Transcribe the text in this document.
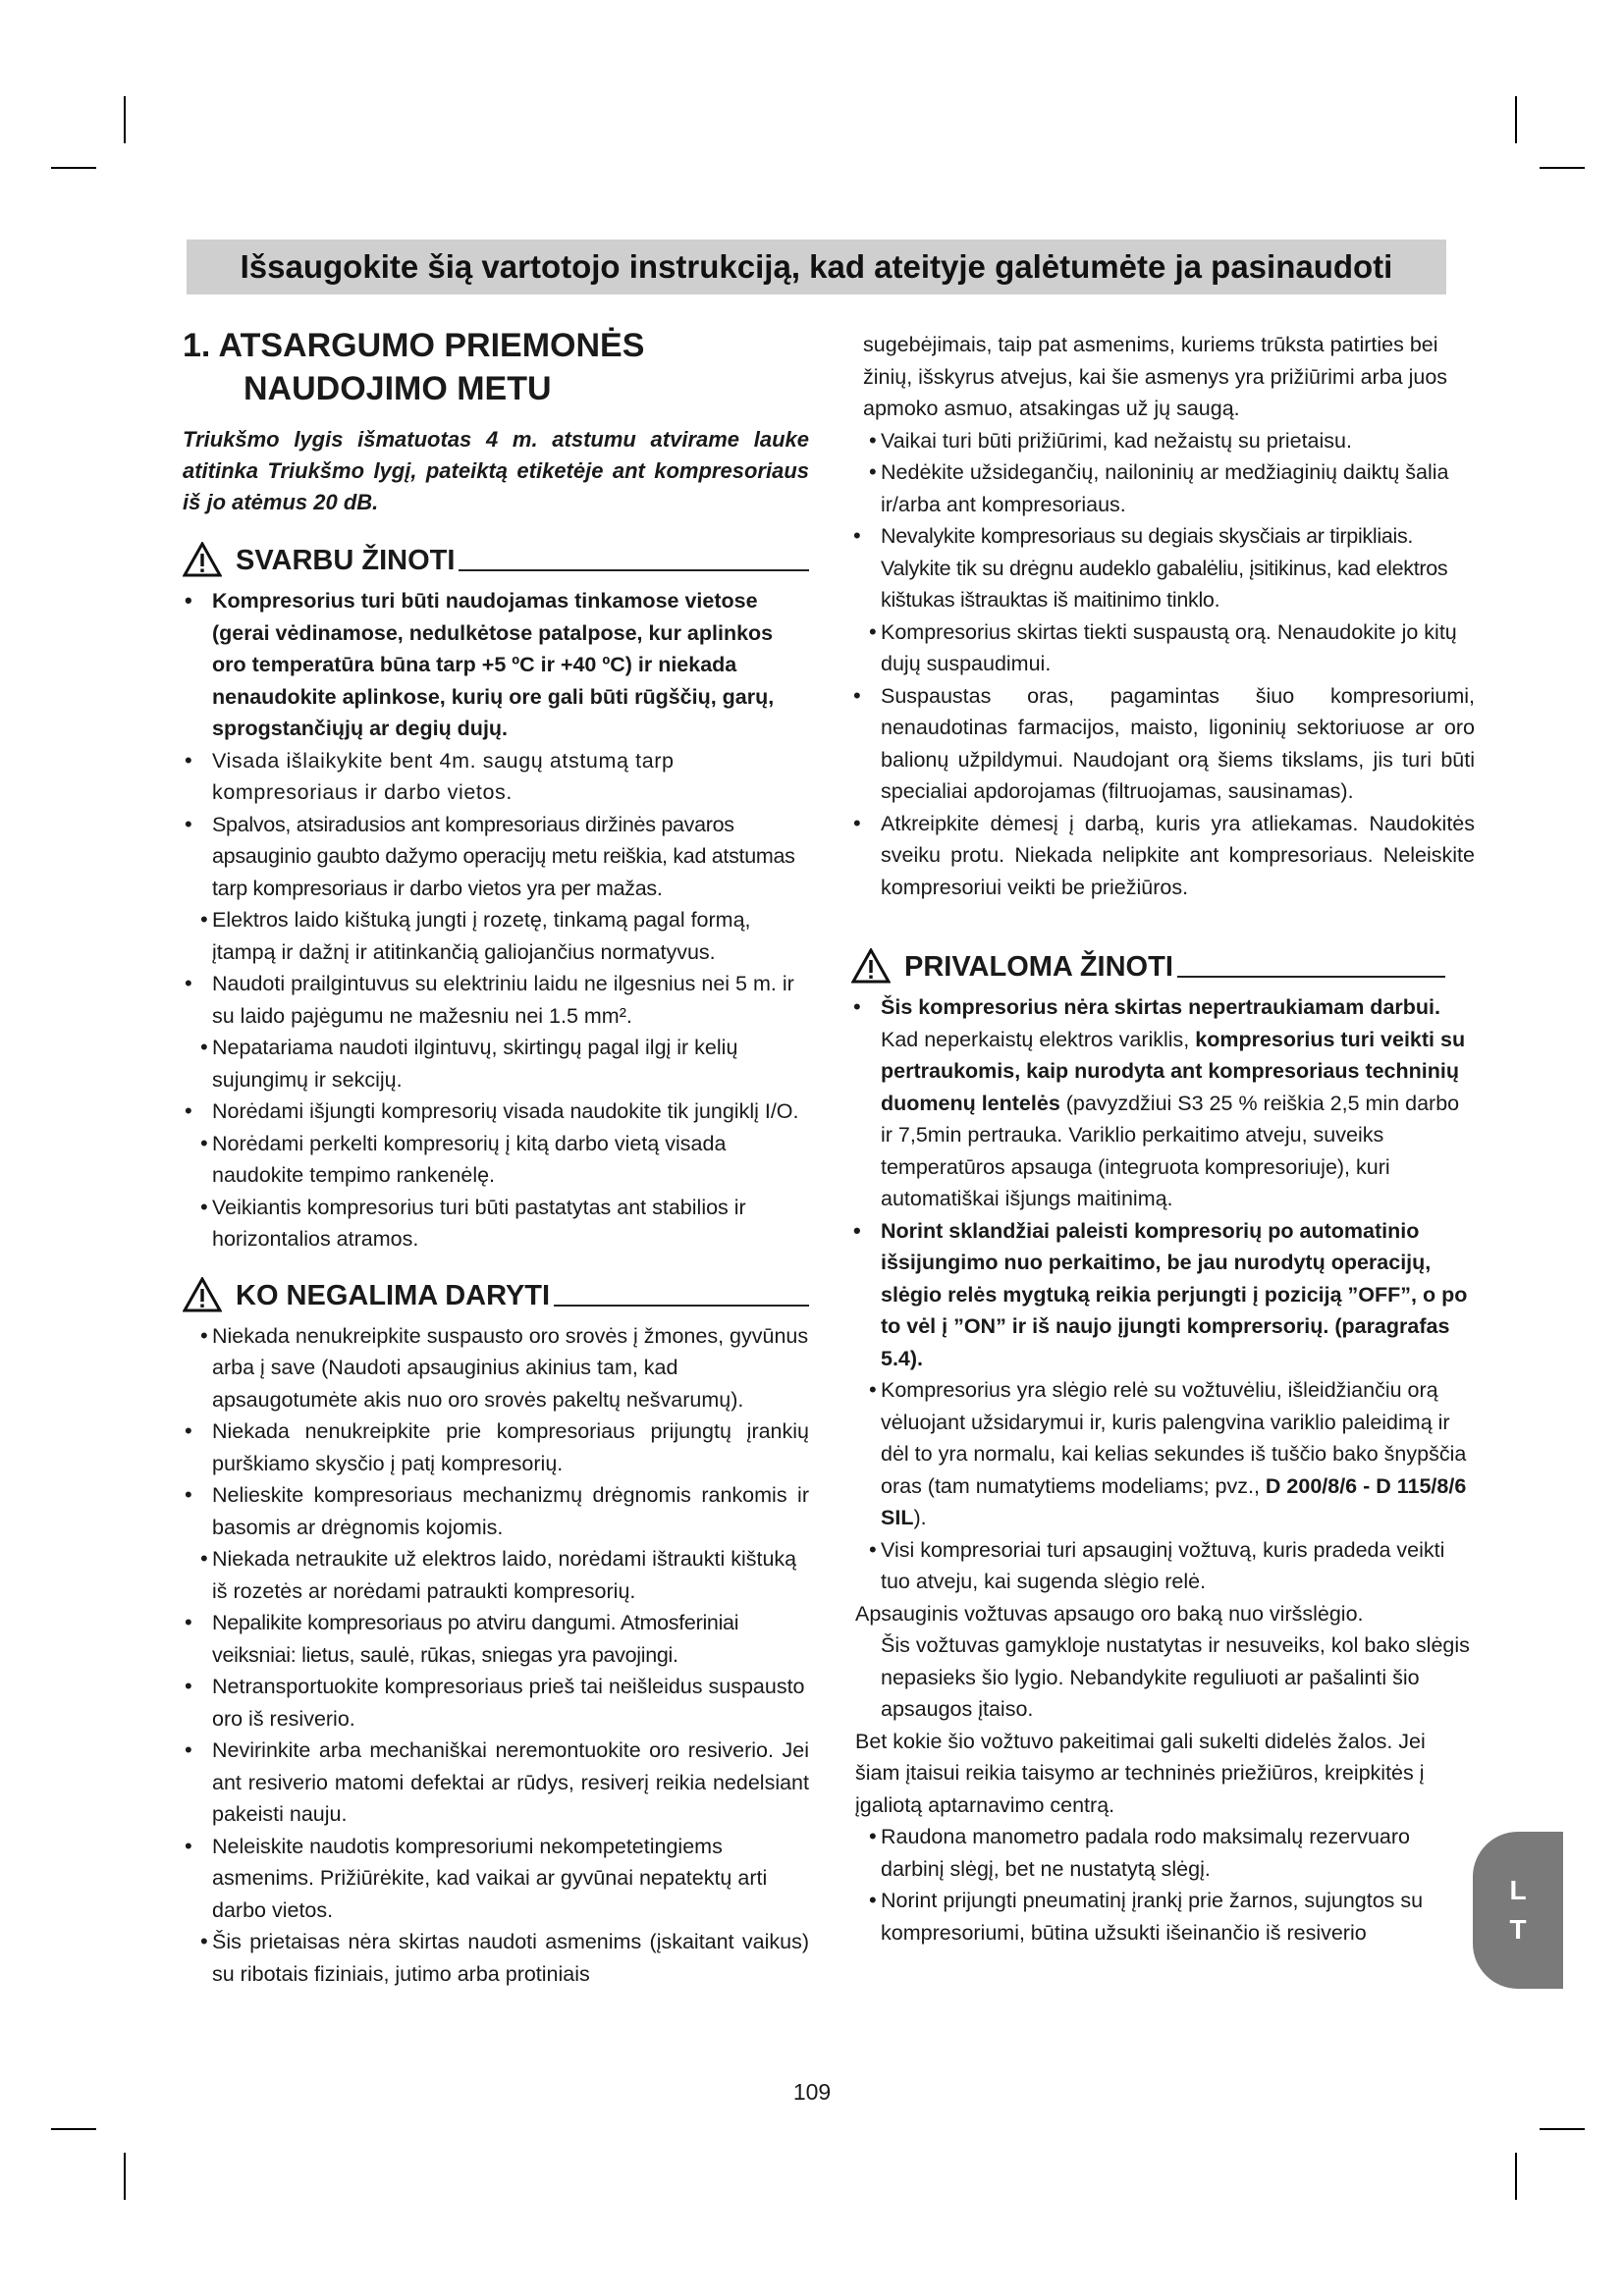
Išsaugokite šią vartotojo instrukciją, kad ateityje galėtumėte ja pasinaudoti

1. ATSARGUMO PRIEMONĖS

NAUDOJIMO METU

Triukšmo lygis išmatuotas 4 m. atstumu atvirame lauke atitinka Triukšmo lygį, pateiktą etiketėje ant kompresoriaus iš jo atėmus 20 dB.

SVARBU ŽINOTI

• Kompresorius turi būti naudojamas tinkamose vietose (gerai vėdinamose, nedulkėtose patalpose, kur aplinkos oro temperatūra būna tarp +5 ºC ir +40 ºC) ir niekada nenaudokite aplinkose, kurių ore gali būti rūgščių, garų, sprogstančiųjų ar degių dujų.

• Visada išlaikykite bent 4m. saugų atstumą tarp kompresoriaus ir darbo vietos.

• Spalvos, atsiradusios ant kompresoriaus diržinės pavaros apsauginio gaubto dažymo operacijų metu reiškia, kad atstumas tarp kompresoriaus ir darbo vietos yra per mažas.

• Elektros laido kištuką jungti į rozetę, tinkamą pagal formą, įtampą ir dažnį ir atitinkančią galiojančius normatyvus.

• Naudoti prailgintuvus su elektriniu laidu ne ilgesnius nei 5 m. ir su laido pajėgumu ne mažesniu nei 1.5 mm².

• Nepatariama naudoti ilgintuvų, skirtingų pagal ilgį ir kelių sujungimų ir sekcijų.

• Norėdami išjungti kompresorių visada naudokite tik jungiklį I/O.

• Norėdami perkelti kompresorių į kitą darbo vietą visada naudokite tempimo rankenėlę.

• Veikiantis kompresorius turi būti pastatytas ant stabilios ir horizontalios atramos.

KO NEGALIMA DARYTI

• Niekada nenukreipkite suspausto oro srovės į žmones, gyvūnus arba į save (Naudoti apsauginius akinius tam, kad apsaugotumėte akis nuo oro srovės pakeltų nešvarumų).

• Niekada nenukreipkite prie kompresoriaus prijungtų įrankių purškiamo skysčio į patį kompresorių.

• Nelieskite kompresoriaus mechanizmų drėgnomis rankomis ir basomis ar drėgnomis kojomis.

• Niekada netraukite už elektros laido, norėdami ištraukti kištuką iš rozetės ar norėdami patraukti kompresorių.

• Nepalikite kompresoriaus po atviru dangumi. Atmosferiniai veiksniai: lietus, saulė, rūkas, sniegas yra pavojingi.

• Netransportuokite kompresoriaus prieš tai neišleidus suspausto oro iš resiverio.

• Nevirinkite arba mechaniškai neremontuokite oro resiverio. Jei ant resiverio matomi defektai ar rūdys, resiverį reikia nedelsiant pakeisti nauju.

• Neleiskite naudotis kompresoriumi nekompetetingiems asmenims. Prižiūrėkite, kad vaikai ar gyvūnai nepatektų arti darbo vietos.

• Šis prietaisas nėra skirtas naudoti asmenims (įskaitant vaikus) su ribotais fiziniais, jutimo arba protiniais

sugebėjimais, taip pat asmenims, kuriems trūksta patirties bei žinių, išskyrus atvejus, kai šie asmenys yra prižiūrimi arba juos apmoko asmuo, atsakingas už jų saugą.

• Vaikai turi būti prižiūrimi, kad nežaistų su prietaisu.

• Nedėkite užsidegančių, nailoninių ar medžiaginių daiktų šalia ir/arba ant kompresoriaus.

• Nevalykite kompresoriaus su degiais skysčiais ar tirpikliais. Valykite tik su drėgnu audeklo gabalėliu, įsitikinus, kad elektros kištukas ištrauktas iš maitinimo tinklo.

• Kompresorius skirtas tiekti suspaustą orą. Nenaudokite jo kitų dujų suspaudimui.

• Suspaustas oras, pagamintas šiuo kompresoriumi, nenaudotinas farmacijos, maisto, ligoninių sektoriuose ar oro balionų užpildymui. Naudojant orą šiems tikslams, jis turi būti specialiai apdorojamas (filtruojamas, sausinamas).

• Atkreipkite dėmesį į darbą, kuris yra atliekamas. Naudokitės sveiku protu. Niekada nelipkite ant kompresoriaus. Neleiskite kompresoriui veikti be priežiūros.

PRIVALOMA ŽINOTI

• Šis kompresorius nėra skirtas nepertraukiamam darbui. Kad neperkaistų elektros variklis, kompresorius turi veikti su pertraukomis, kaip nurodyta ant kompresoriaus techninių duomenų lentelės (pavyzdžiui S3 25 % reiškia 2,5 min darbo ir 7,5min pertrauka. Variklio perkaitimo atveju, suveiks temperatūros apsauga (integruota kompresoriuje), kuri automatiškai išjungs maitinimą.

• Norint sklandžiai paleisti kompresorių po automatinio išsijungimo nuo perkaitimo, be jau nurodytų operacijų, slėgio relės mygtuką reikia perjungti į poziciją ”OFF”, o po to vėl į ”ON” ir iš naujo įjungti komprersorių. (paragrafas 5.4).

• Kompresorius yra slėgio relė su vožtuvėliu, išleidžiančiu orą vėluojant užsidarymui ir, kuris palengvina variklio paleidimą ir dėl to yra normalu, kai kelias sekundes iš tuščio bako šnypščia oras (tam numatytiems modeliams; pvz., D 200/8/6 - D 115/8/6 SIL).

• Visi kompresoriai turi apsauginį vožtuvą, kuris pradeda veikti tuo atveju, kai sugenda slėgio relė.

Apsauginis vožtuvas apsaugo oro baką nuo viršslėgio.

Šis vožtuvas gamykloje nustatytas ir nesuveiks, kol bako slėgis nepasieks šio lygio. Nebandykite reguliuoti ar pašalinti šio apsaugos įtaiso.

Bet kokie šio vožtuvo pakeitimai gali sukelti didelės žalos. Jei šiam įtaisui reikia taisymo ar techninės priežiūros, kreipkitės į įgaliotą aptarnavimo centrą.

• Raudona manometro padala rodo maksimalų rezervuaro darbinį slėgį, bet ne nustatytą slėgį.

• Norint prijungti pneumatinį įrankį prie žarnos, sujungtos su kompresoriumi, būtina užsukti išeinančio iš resiverio

L
T
109
